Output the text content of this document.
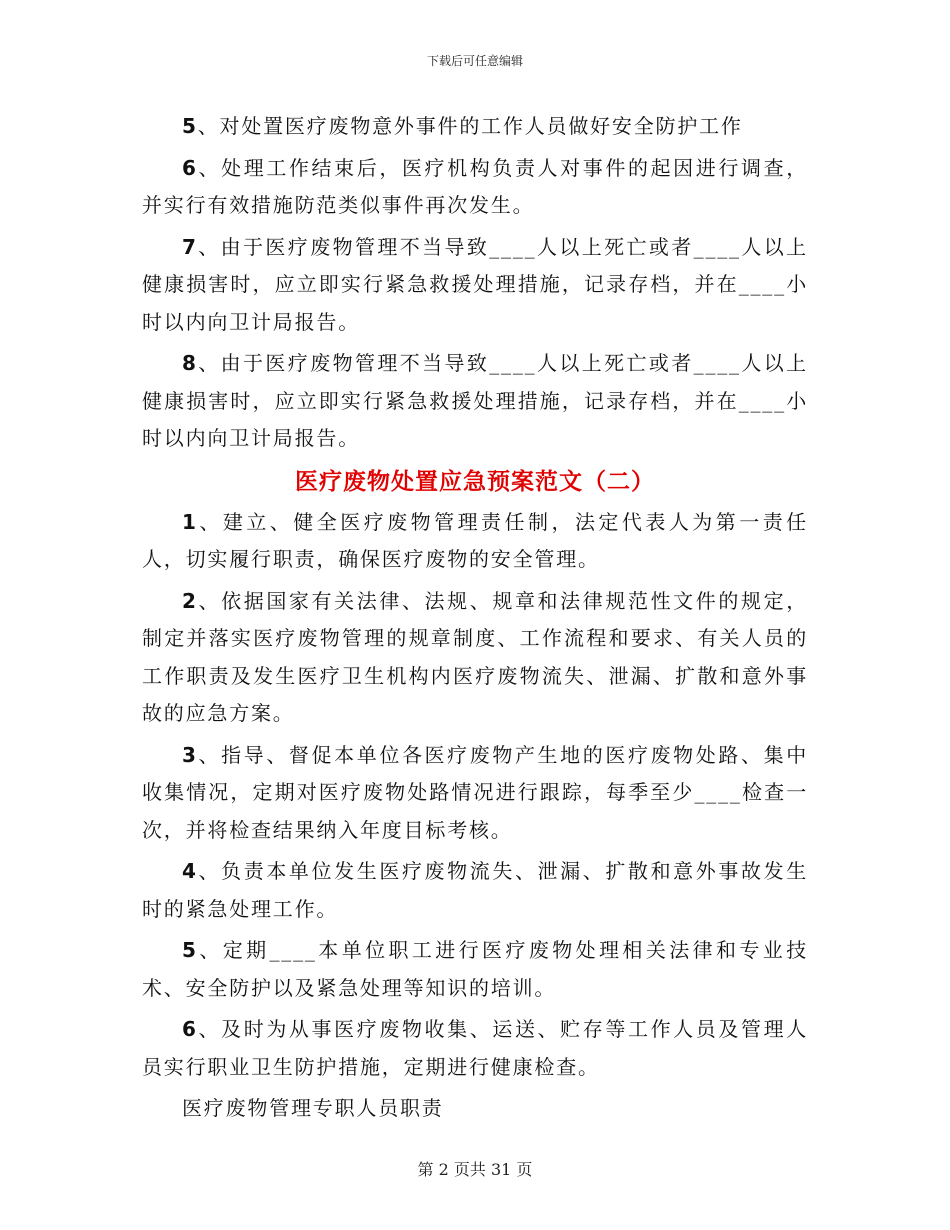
下载后可任意编辑

5、对处置医疗废物意外事件的工作人员做好安全防护工作

6、处理工作结束后，医疗机构负责人对事件的起因进行调查，并实行有效措施防范类似事件再次发生。

7、由于医疗废物管理不当导致____人以上死亡或者____人以上健康损害时，应立即实行紧急救援处理措施，记录存档，并在____小时以内向卫计局报告。

8、由于医疗废物管理不当导致____人以上死亡或者____人以上健康损害时，应立即实行紧急救援处理措施，记录存档，并在____小时以内向卫计局报告。

医疗废物处置应急预案范文（二）

1、建立、健全医疗废物管理责任制，法定代表人为第一责任人，切实履行职责，确保医疗废物的安全管理。

2、依据国家有关法律、法规、规章和法律规范性文件的规定，制定并落实医疗废物管理的规章制度、工作流程和要求、有关人员的工作职责及发生医疗卫生机构内医疗废物流失、泄漏、扩散和意外事故的应急方案。

3、指导、督促本单位各医疗废物产生地的医疗废物处路、集中收集情况，定期对医疗废物处路情况进行跟踪，每季至少____检查一次，并将检查结果纳入年度目标考核。

4、负责本单位发生医疗废物流失、泄漏、扩散和意外事故发生时的紧急处理工作。

5、定期____本单位职工进行医疗废物处理相关法律和专业技术、安全防护以及紧急处理等知识的培训。

6、及时为从事医疗废物收集、运送、贮存等工作人员及管理人员实行职业卫生防护措施，定期进行健康检查。

医疗废物管理专职人员职责

第 2 页共 31 页
